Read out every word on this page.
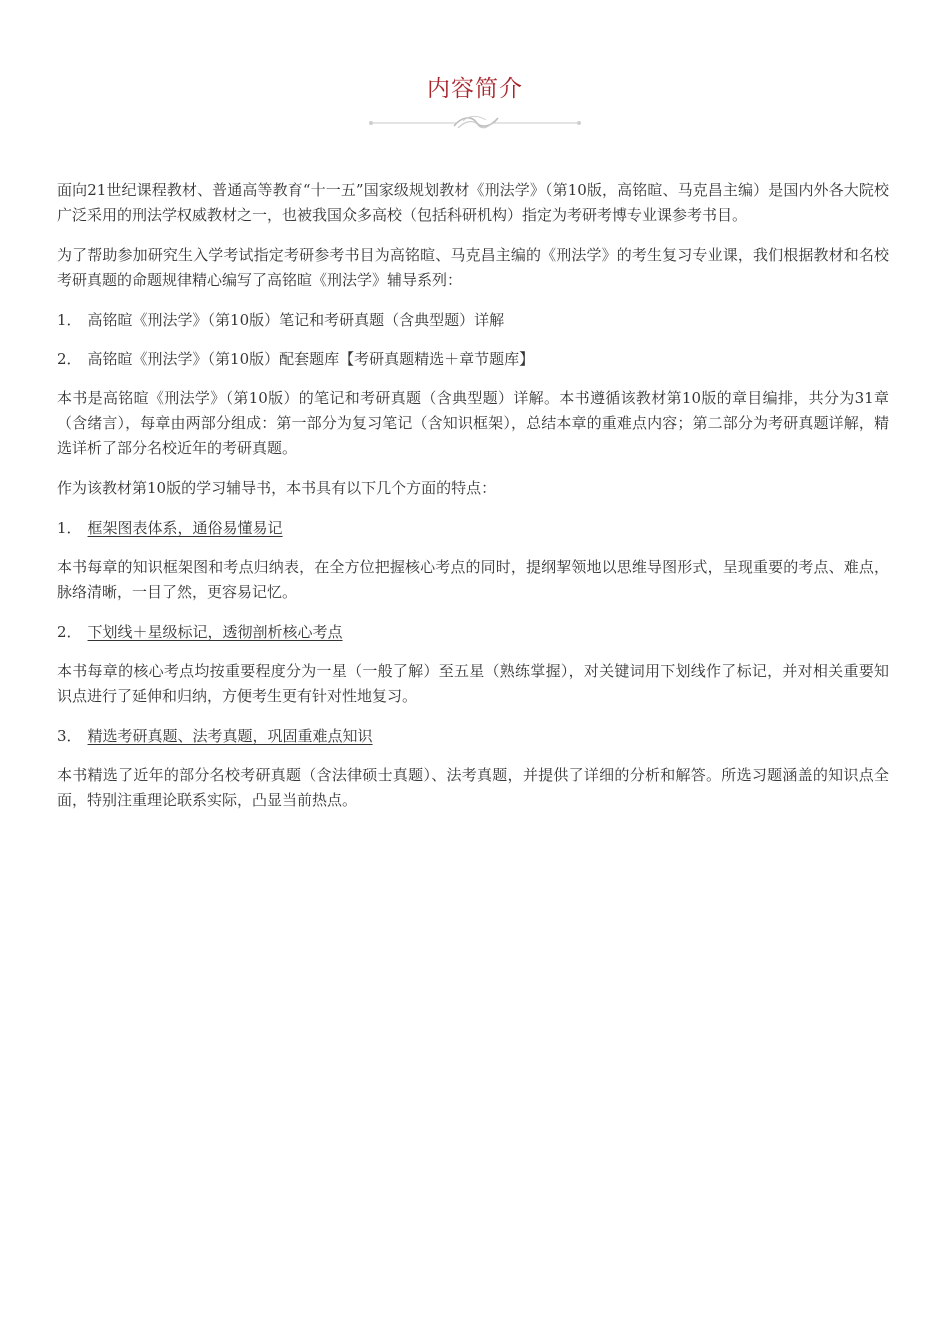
内容简介

面向21世纪课程教材、普通高等教育“十一五”国家级规划教材《刑法学》（第10版，高铭暄、马克昌主编）是国内外各大院校广泛采用的刑法学权威教材之一，也被我国众多高校（包括科研机构）指定为考研考博专业课参考书目。

为了帮助参加研究生入学考试指定考研参考书目为高铭暄、马克昌主编的《刑法学》的考生复习专业课，我们根据教材和名校考研真题的命题规律精心编写了高铭暄《刑法学》辅导系列：

1． 高铭暄《刑法学》（第10版）笔记和考研真题（含典型题）详解

2． 高铭暄《刑法学》（第10版）配套题库【考研真题精选＋章节题库】

本书是高铭暄《刑法学》（第10版）的笔记和考研真题（含典型题）详解。本书遵循该教材第10版的章目编排，共分为31章（含绪言），每章由两部分组成：第一部分为复习笔记（含知识框架），总结本章的重难点内容；第二部分为考研真题详解，精选详析了部分名校近年的考研真题。

作为该教材第10版的学习辅导书，本书具有以下几个方面的特点：

1． 框架图表体系，通俗易懂易记

本书每章的知识框架图和考点归纳表，在全方位把握核心考点的同时，提纲挈领地以思维导图形式，呈现重要的考点、难点，脉络清晰，一目了然，更容易记忆。

2． 下划线＋星级标记，透彻剖析核心考点

本书每章的核心考点均按重要程度分为一星（一般了解）至五星（熟练掌握），对关键词用下划线作了标记，并对相关重要知识点进行了延伸和归纳，方便考生更有针对性地复习。

3． 精选考研真题、法考真题，巩固重难点知识

本书精选了近年的部分名校考研真题（含法律硕士真题）、法考真题，并提供了详细的分析和解答。所选习题涵盖的知识点全面，特别注重理论联系实际，凸显当前热点。
